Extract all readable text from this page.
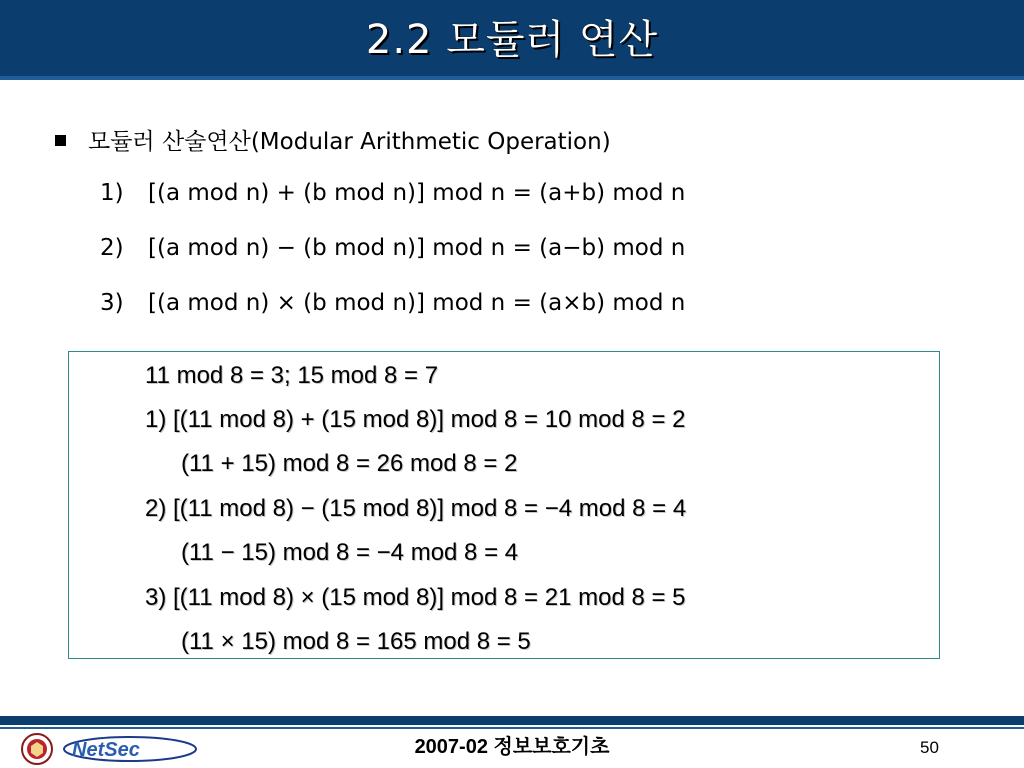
2.2 모듈러 연산
모듈러 산술연산(Modular Arithmetic Operation)
1) [(a mod n) + (b mod n)] mod n = (a+b) mod n
2) [(a mod n) − (b mod n)] mod n = (a−b) mod n
3) [(a mod n) × (b mod n)] mod n = (a×b) mod n
11 mod 8 = 3; 15 mod 8 = 7
1) [(11 mod 8) + (15 mod 8)] mod 8 = 10 mod 8 = 2
(11 + 15) mod 8 = 26 mod 8 = 2
2) [(11 mod 8) − (15 mod 8)] mod 8 = −4 mod 8 = 4
(11 − 15) mod 8 = −4 mod 8 = 4
3) [(11 mod 8) × (15 mod 8)] mod 8 = 21 mod 8 = 5
(11 × 15) mod 8 = 165 mod 8 = 5
NetSec	2007-02 정보보호기초	50
